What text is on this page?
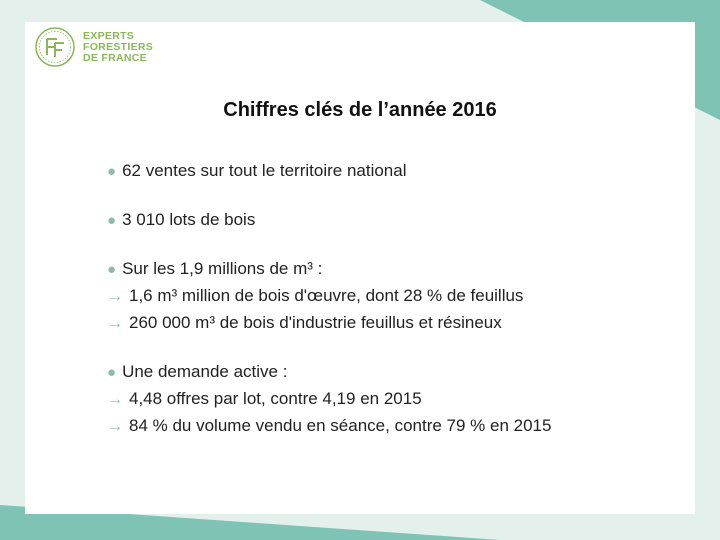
EXPERTS
FORESTIERS
DE FRANCE
Chiffres clés de l’année 2016
● 62 ventes sur tout le territoire national
● 3 010 lots de bois
● Sur les 1,9 millions de m³ :
→ 1,6 m³ million de bois d'œuvre, dont 28 % de feuillus
→ 260 000 m³ de bois d'industrie feuillus et résineux
● Une demande active :
→ 4,48 offres par lot, contre 4,19 en 2015
→ 84 % du volume vendu en séance, contre 79 % en 2015
